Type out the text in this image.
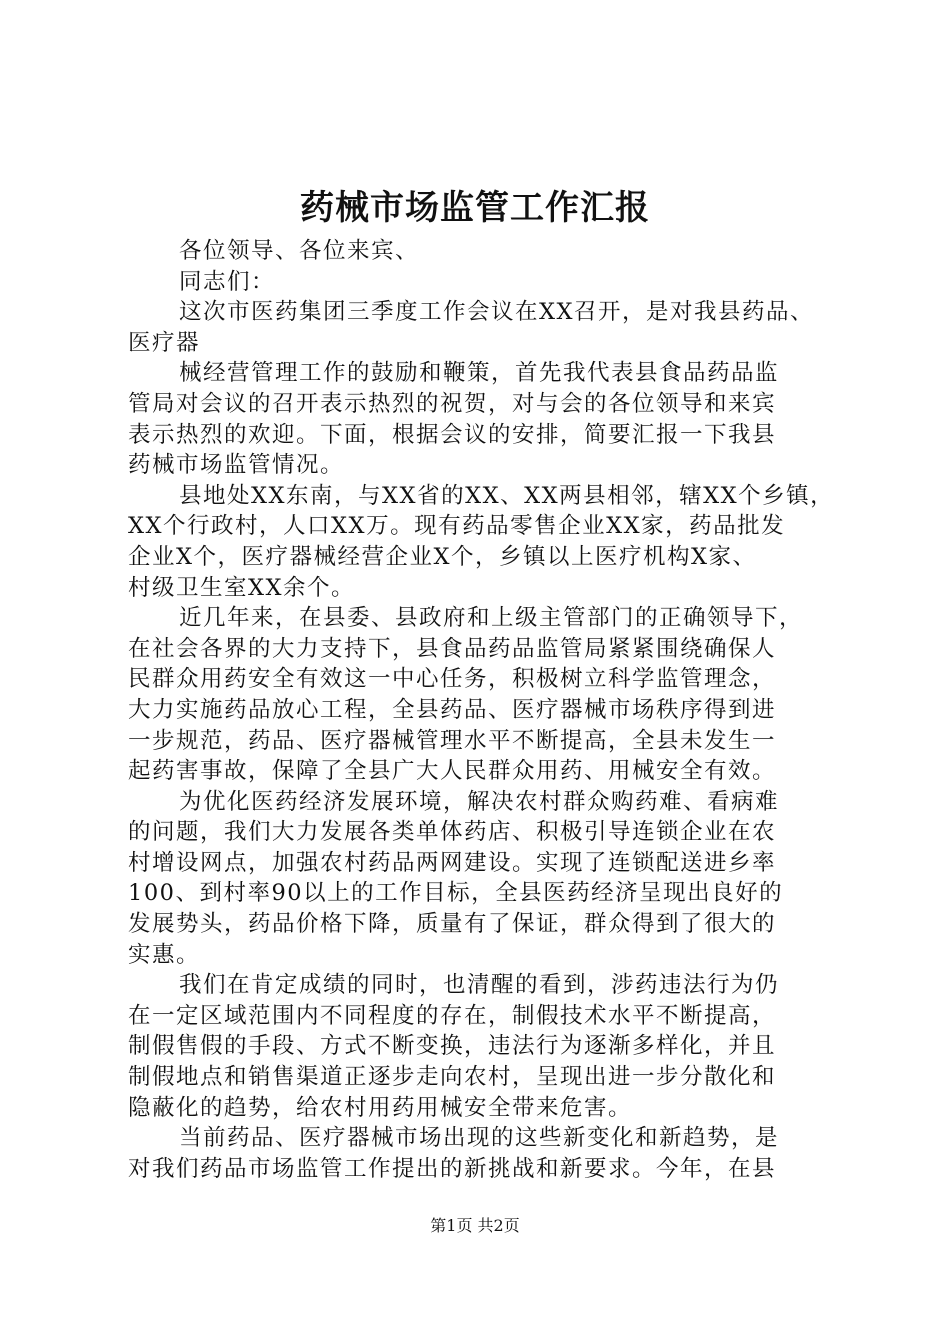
药械市场监管工作汇报
各位领导、各位来宾、
同志们：
这次市医药集团三季度工作会议在XX召开，是对我县药品、
医疗器
械经营管理工作的鼓励和鞭策，首先我代表县食品药品监
管局对会议的召开表示热烈的祝贺，对与会的各位领导和来宾
表示热烈的欢迎。下面，根据会议的安排，简要汇报一下我县
药械市场监管情况。
县地处XX东南，与XX省的XX、XX两县相邻，辖XX个乡镇，
XX个行政村，人口XX万。现有药品零售企业XX家，药品批发
企业X个，医疗器械经营企业X个，乡镇以上医疗机构X家、
村级卫生室XX余个。
近几年来，在县委、县政府和上级主管部门的正确领导下，
在社会各界的大力支持下，县食品药品监管局紧紧围绕确保人
民群众用药安全有效这一中心任务，积极树立科学监管理念，
大力实施药品放心工程，全县药品、医疗器械市场秩序得到进
一步规范，药品、医疗器械管理水平不断提高，全县未发生一
起药害事故，保障了全县广大人民群众用药、用械安全有效。
为优化医药经济发展环境，解决农村群众购药难、看病难
的问题，我们大力发展各类单体药店、积极引导连锁企业在农
村增设网点，加强农村药品两网建设。实现了连锁配送进乡率
100、到村率90以上的工作目标，全县医药经济呈现出良好的
发展势头，药品价格下降，质量有了保证，群众得到了很大的
实惠。
我们在肯定成绩的同时，也清醒的看到，涉药违法行为仍
在一定区域范围内不同程度的存在，制假技术水平不断提高，
制假售假的手段、方式不断变换，违法行为逐渐多样化，并且
制假地点和销售渠道正逐步走向农村，呈现出进一步分散化和
隐蔽化的趋势，给农村用药用械安全带来危害。
当前药品、医疗器械市场出现的这些新变化和新趋势，是
对我们药品市场监管工作提出的新挑战和新要求。今年，在县
第1页 共2页
